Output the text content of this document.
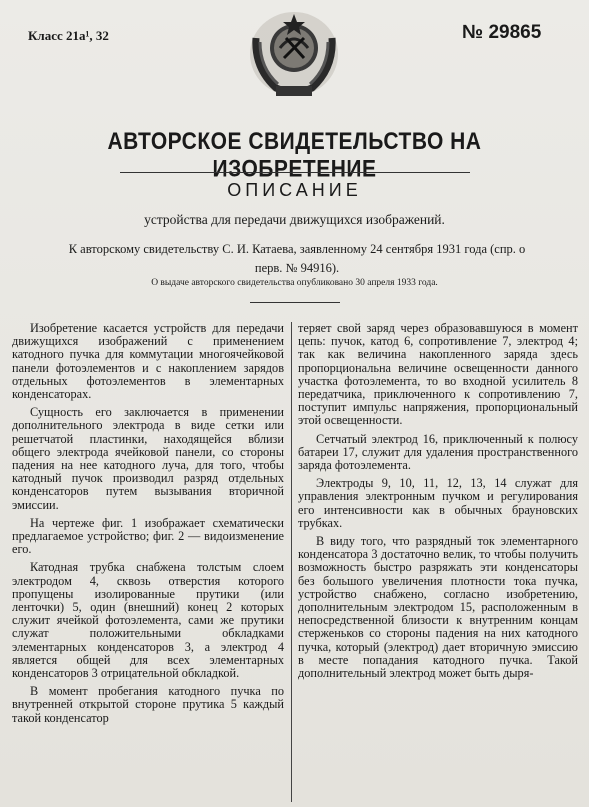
Класс 21a¹, 32	№ 29865
АВТОРСКОЕ СВИДЕТЕЛЬСТВО НА ИЗОБРЕТЕНИЕ
ОПИСАНИЕ
устройства для передачи движущихся изображений.
К авторскому свидетельству С. И. Катаева, заявленному 24 сентября 1931 года (спр. о перв. № 94916).
О выдаче авторского свидетельства опубликовано 30 апреля 1933 года.

Изобретение касается устройств для передачи движущихся изображений с применением катодного пучка для коммутации многоячейковой панели фотоэлементов и с накоплением зарядов отдельных фотоэлементов в элементарных конденсаторах.

Сущность его заключается в применении дополнительного электрода в виде сетки или решетчатой пластинки, находящейся вблизи общего электрода ячейковой панели, со стороны падения на нее катодного луча, для того, чтобы катодный пучок производил разряд отдельных конденсаторов путем вызывания вторичной эмиссии.

На чертеже фиг. 1 изображает схематически предлагаемое устройство; фиг. 2 — видоизменение его.

Катодная трубка снабжена толстым слоем электродом 4, сквозь отверстия которого пропущены изолированные прутики (или ленточки) 5, один (внешний) конец 2 которых служит ячейкой фотоэлемента, сами же прутики служат положительными обкладками элементарных конденсаторов 3, а электрод 4 является общей для всех элементарных конденсаторов 3 отрицательной обкладкой.

В момент пробегания катодного пучка по внутренней открытой стороне прутика 5 каждый такой конденсатор

теряет свой заряд через образовавшуюся в момент цепь: пучок, катод 6, сопротивление 7, электрод 4; так как величина накопленного заряда здесь пропорциональна величине освещенности данного участка фотоэлемента, то во входной усилитель 8 передатчика, приключенного к сопротивлению 7, поступит импульс напряжения, пропорциональный этой освещенности.

Сетчатый электрод 16, приключенный к полюсу батареи 17, служит для удаления пространственного заряда фотоэлемента.

Электроды 9, 10, 11, 12, 13, 14 служат для управления электронным пучком и регулирования его интенсивности как в обычных брауновских трубках.

В виду того, что разрядный ток элементарного конденсатора 3 достаточно велик, то чтобы получить возможность быстро разряжать эти конденсаторы без большого увеличения плотности тока пучка, устройство снабжено, согласно изобретению, дополнительным электродом 15, расположенным в непосредственной близости к внутренним концам стерженьков со стороны падения на них катодного пучка, который (электрод) дает вторичную эмиссию в месте попадания катодного пучка. Такой дополнительный электрод может быть дыря-
